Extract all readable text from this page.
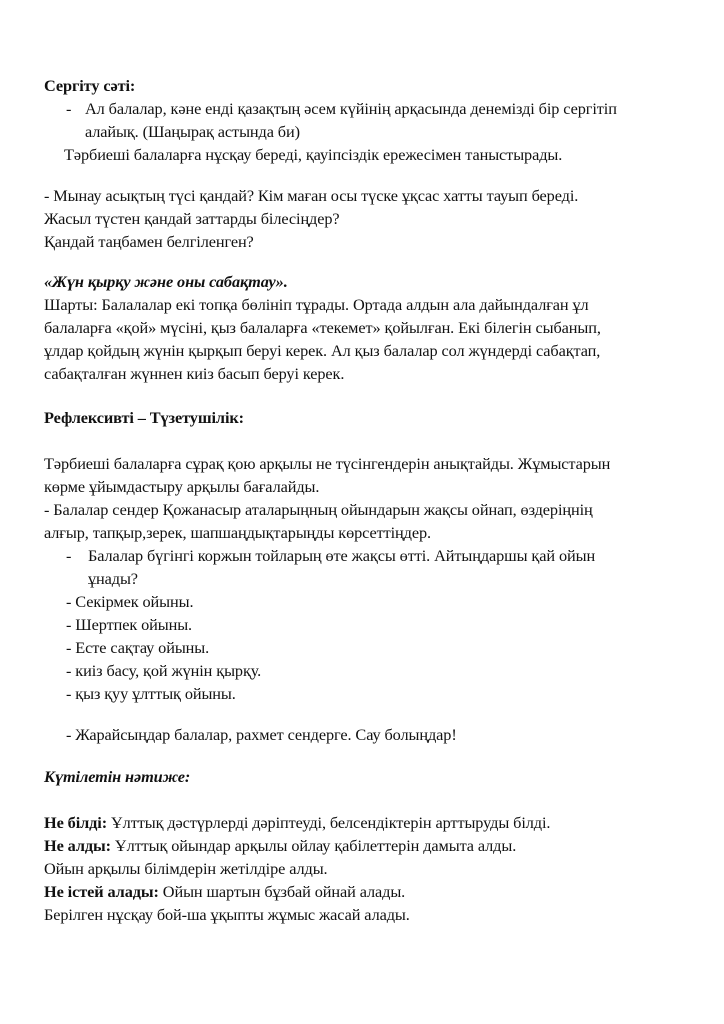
Сергіту сәті:
- Ал балалар, кәне енді қазақтың әсем күйінің арқасында денемізді бір сергітіп
алайық. (Шаңырақ астында би)
Тәрбиеші балаларға нұсқау береді, қауіпсіздік ережесімен таныстырады.
- Мынау асықтың түсі қандай? Кім маған осы түске ұқсас хатты тауып береді.
Жасыл түстен қандай заттарды білесіңдер?
Қандай таңбамен белгіленген?
«Жүн қырқу және оны сабақтау».
Шарты: Балалалар екі топқа бөлініп тұрады. Ортада алдын ала дайындалған ұл
балаларға «қой» мүсіні, қыз балаларға «текемет» қойылған. Екі білегін сыбанып,
ұлдар қойдың жүнін қырқып беруі керек. Ал қыз балалар сол жүндерді сабақтап,
сабақталған жүннен киіз басып беруі керек.
Рефлексивті – Түзетушілік:
Тәрбиеші балаларға сұрақ қою арқылы не түсінгендерін анықтайды. Жұмыстарын
көрме ұйымдастыру арқылы бағалайды.
- Балалар сендер Қожанасыр аталарыңның ойындарын жақсы ойнап, өздеріңнің
алғыр, тапқыр,зерек, шапшаңдықтарыңды көрсеттіңдер.
- Балалар бүгінгі коржын тойларың өте жақсы өтті. Айтыңдаршы қай ойын
ұнады?
- Секірмек ойыны.
- Шертпек ойыны.
- Есте сақтау ойыны.
- киіз басу, қой жүнін қырқу.
- қыз қуу ұлттық ойыны.
- Жарайсыңдар балалар, рахмет сендерге. Сау болыңдар!
Күтілетін нәтиже:
Не білді: Ұлттық дәстүрлерді дәріптеуді, белсендіктерін арттыруды білді.
Не алды: Ұлттық ойындар арқылы ойлау қабілеттерін дамыта алды.
Ойын арқылы білімдерін жетілдіре алды.
Не істей алады: Ойын шартын бұзбай ойнай алады.
Берілген нұсқау бой-ша ұқыпты жұмыс жасай алады.
